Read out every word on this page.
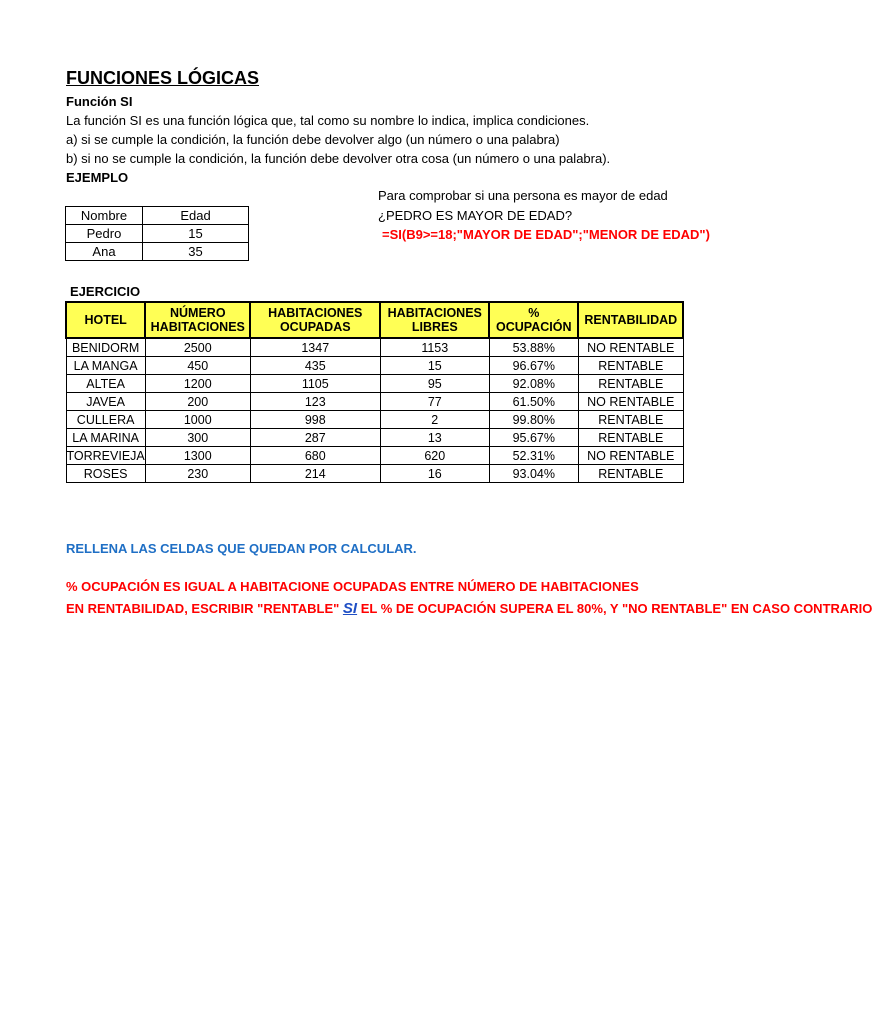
FUNCIONES LÓGICAS
Función SI
La función SI es una función lógica que, tal como su nombre lo indica, implica condiciones.
a) si se cumple la condición, la función debe devolver algo (un número o una palabra)
b) si no se cumple la condición, la función debe devolver otra cosa (un número o una palabra).
EJEMPLO
Para comprobar si una persona es mayor de edad
¿PEDRO ES MAYOR DE EDAD?
=SI(B9>=18;"MAYOR DE EDAD";"MENOR DE EDAD")
Nombre	Edad
Pedro	15
Ana	35
EJERCICIO
HOTEL	NÚMERO HABITACIONES	HABITACIONES OCUPADAS	HABITACIONES LIBRES	% OCUPACIÓN	RENTABILIDAD
BENIDORM	2500	1347	1153	53.88%	NO RENTABLE
LA MANGA	450	435	15	96.67%	RENTABLE
ALTEA	1200	1105	95	92.08%	RENTABLE
JAVEA	200	123	77	61.50%	NO RENTABLE
CULLERA	1000	998	2	99.80%	RENTABLE
LA MARINA	300	287	13	95.67%	RENTABLE
TORREVIEJA	1300	680	620	52.31%	NO RENTABLE
ROSES	230	214	16	93.04%	RENTABLE
RELLENA LAS CELDAS QUE QUEDAN POR CALCULAR.
% OCUPACIÓN ES IGUAL A HABITACIONE OCUPADAS ENTRE NÚMERO DE HABITACIONES
EN RENTABILIDAD, ESCRIBIR "RENTABLE" SI EL % DE OCUPACIÓN SUPERA EL 80%, Y "NO RENTABLE" EN CASO CONTRARIO
